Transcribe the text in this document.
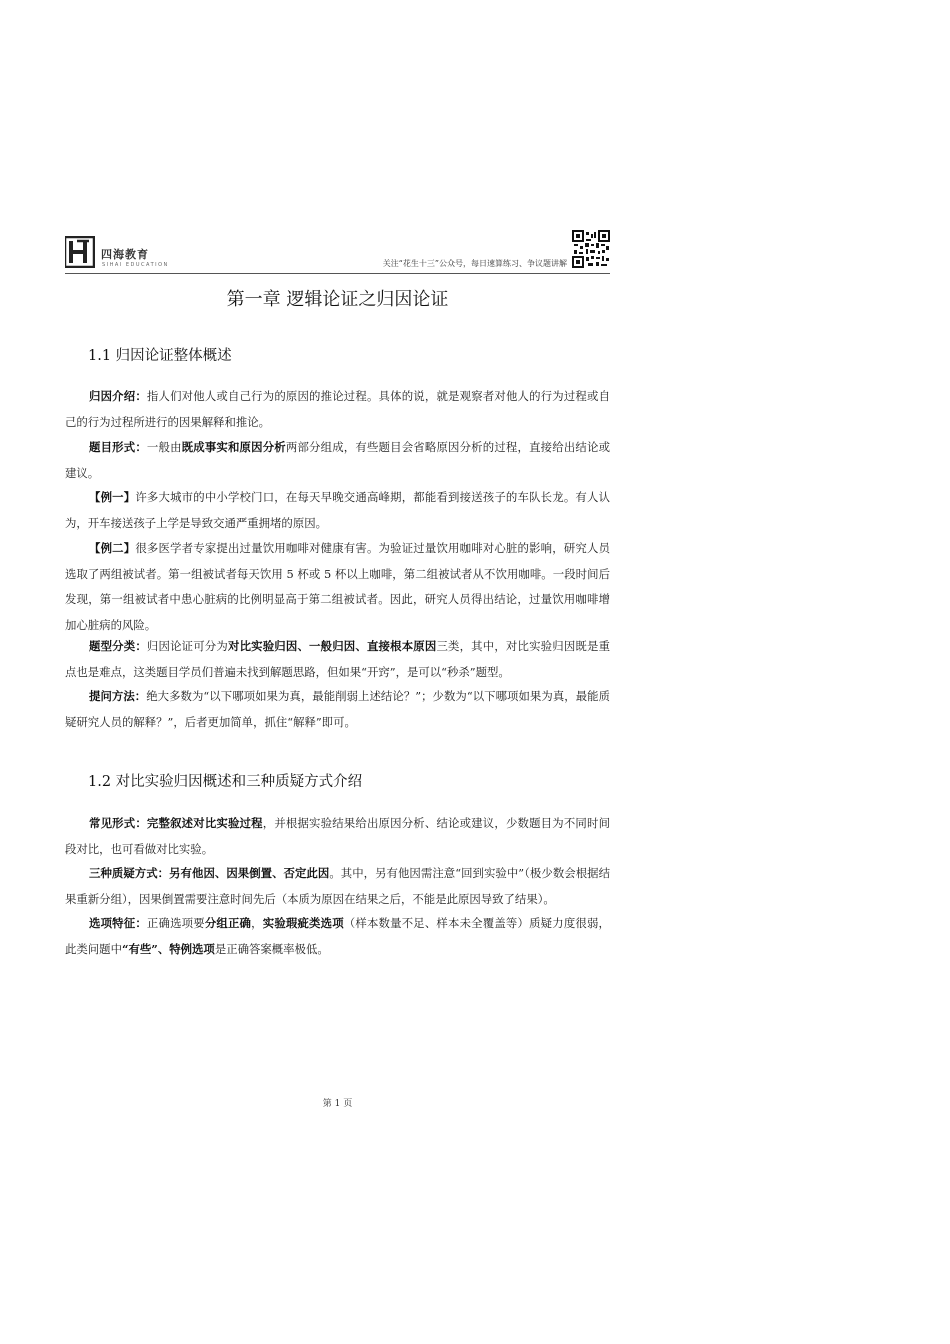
四海教育
SIHAI EDUCATION	关注“花生十三”公众号，每日速算练习、争议题讲解
第一章 逻辑论证之归因论证
1.1 归因论证整体概述

归因介绍：指人们对他人或自己行为的原因的推论过程。具体的说，就是观察者对他人的行为过程或自己的行为过程所进行的因果解释和推论。

题目形式：一般由既成事实和原因分析两部分组成，有些题目会省略原因分析的过程，直接给出结论或建议。

【例一】许多大城市的中小学校门口，在每天早晚交通高峰期，都能看到接送孩子的车队长龙。有人认为，开车接送孩子上学是导致交通严重拥堵的原因。

【例二】很多医学者专家提出过量饮用咖啡对健康有害。为验证过量饮用咖啡对心脏的影响，研究人员选取了两组被试者。第一组被试者每天饮用 5 杯或 5 杯以上咖啡，第二组被试者从不饮用咖啡。一段时间后发现，第一组被试者中患心脏病的比例明显高于第二组被试者。因此，研究人员得出结论，过量饮用咖啡增加心脏病的风险。

题型分类：归因论证可分为对比实验归因、一般归因、直接根本原因三类，其中，对比实验归因既是重点也是难点，这类题目学员们普遍未找到解题思路，但如果“开窍”，是可以“秒杀”题型。

提问方法：绝大多数为“以下哪项如果为真，最能削弱上述结论？”；少数为“以下哪项如果为真，最能质疑研究人员的解释？”，后者更加简单，抓住“解释”即可。

1.2 对比实验归因概述和三种质疑方式介绍

常见形式：完整叙述对比实验过程，并根据实验结果给出原因分析、结论或建议，少数题目为不同时间段对比，也可看做对比实验。

三种质疑方式：另有他因、因果倒置、否定此因。其中，另有他因需注意“回到实验中”（极少数会根据结果重新分组），因果倒置需要注意时间先后（本质为原因在结果之后，不能是此原因导致了结果）。

选项特征：正确选项要分组正确，实验瑕疵类选项（样本数量不足、样本未全覆盖等）质疑力度很弱，此类问题中“有些”、特例选项是正确答案概率极低。

第 1 页
